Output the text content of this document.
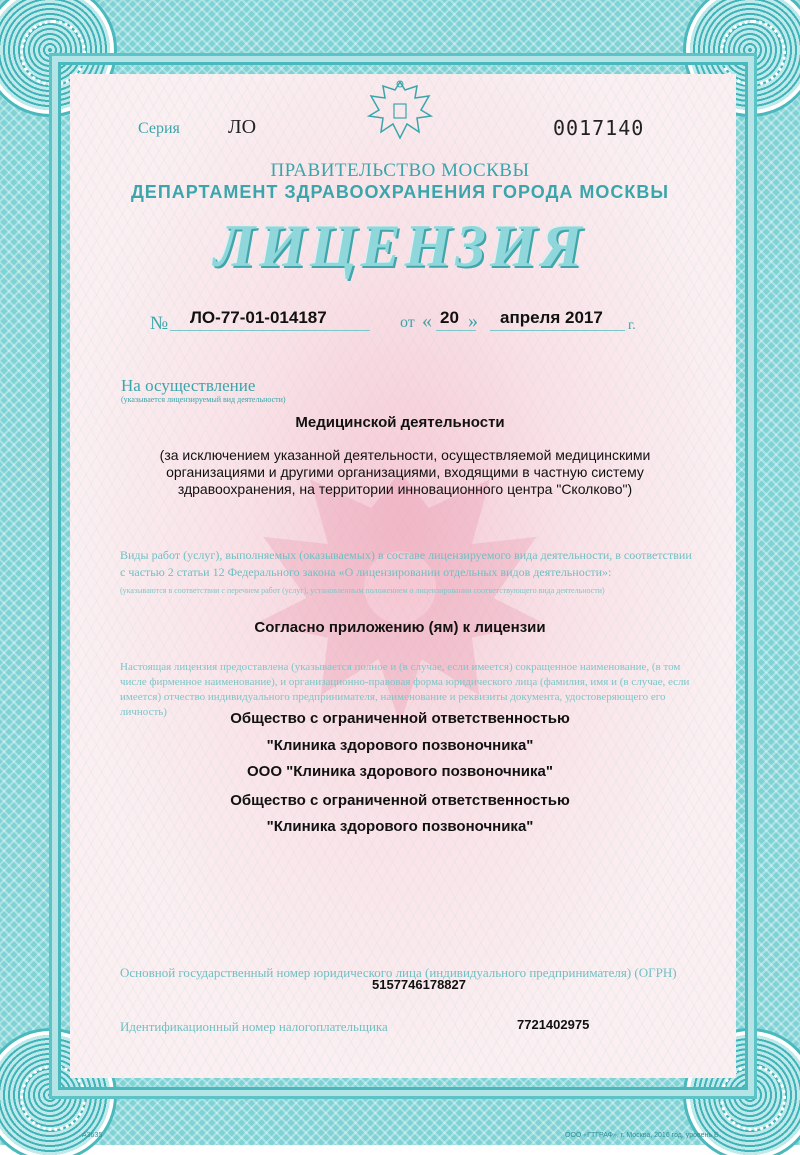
Серия ЛО	0017140
ПРАВИТЕЛЬСТВО МОСКВЫ
ДЕПАРТАМЕНТ ЗДРАВООХРАНЕНИЯ ГОРОДА МОСКВЫ
ЛИЦЕНЗИЯ
№ ЛО-77-01-014187	от « 20 » апреля 2017 г.
На осуществление
(указывается лицензируемый вид деятельности)
Медицинской деятельности
(за исключением указанной деятельности, осуществляемой медицинскими организациями и другими организациями, входящими в частную систему здравоохранения, на территории инновационного центра "Сколково")
Виды работ (услуг), выполняемых (оказываемых) в составе лицензируемого вида деятельности, в соответствии с частью 2 статьи 12 Федерального закона «О лицензировании отдельных видов деятельности»:
(указываются в соответствии с перечнем работ (услуг), установленным положением о лицензировании соответствующего вида деятельности)
Согласно приложению (ям) к лицензии
Настоящая лицензия предоставлена (указывается полное и (в случае, если имеется) сокращенное наименование, (в том числе фирменное наименование), и организационно-правовая форма юридического лица (фамилия, имя и (в случае, если имеется) отчество индивидуального предпринимателя, наименование и реквизиты документа, удостоверяющего его личность)	Общество с ограниченной ответственностью
"Клиника здорового позвоночника"
ООО "Клиника здорового позвоночника"
Общество с ограниченной ответственностью
"Клиника здорового позвоночника"
Основной государственный номер юридического лица (индивидуального предпринимателя) (ОГРН)
5157746178827
Идентификационный номер налогоплательщика	7721402975
А3635	ООО «ГТГРАФ», г. Москва, 2016 год, уровень Б
